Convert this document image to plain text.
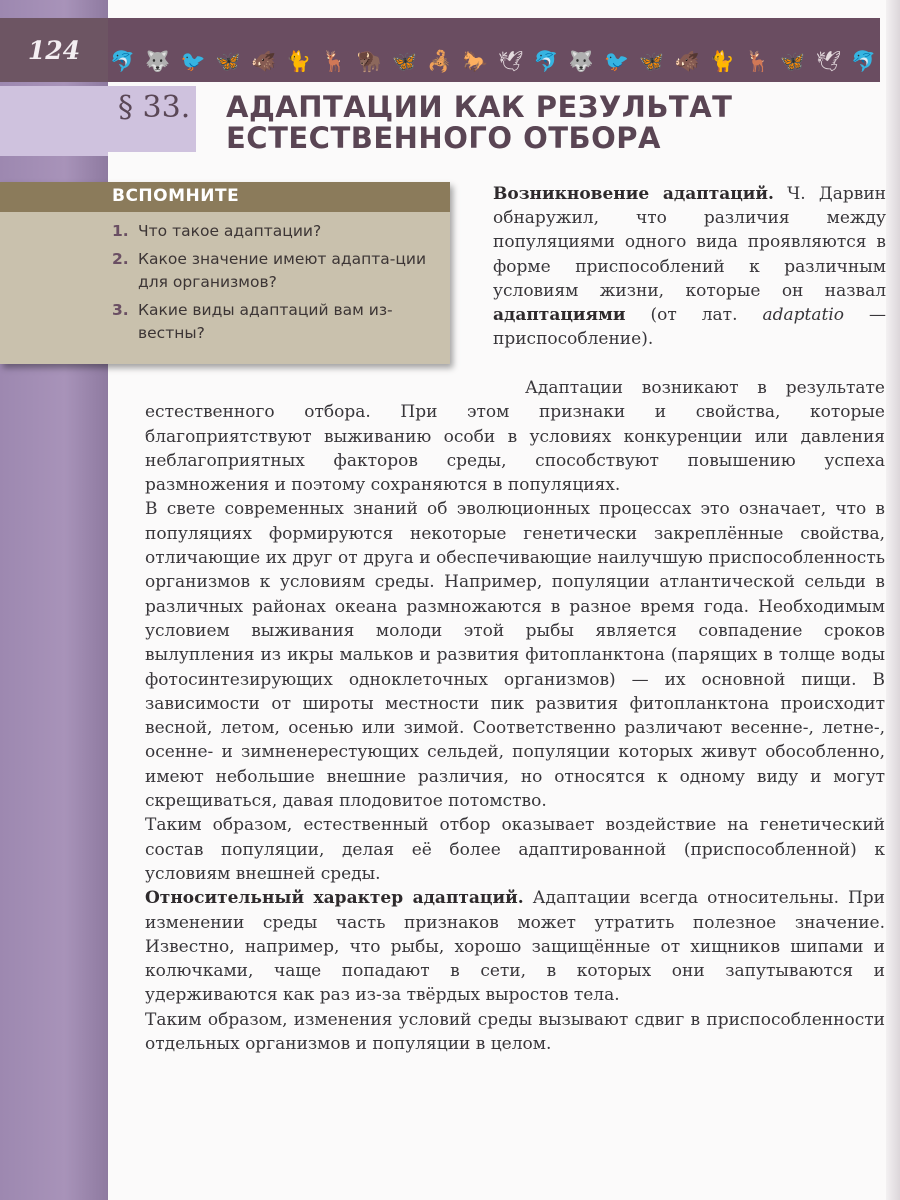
🐬 🐺 🐦 🦋 🐗 🐈 🦌 🦬 🦋 🦂 🐎 🕊 🐬 🐺 🐦 🦋 🐗 🐈 🦌 🦋 🕊 🐬
124
§ 33. АДАПТАЦИИ КАК РЕЗУЛЬТАТ
ЕСТЕСТВЕННОГО ОТБОРА
ВСПОМНИТЕ
1. Что такое адаптации?
2. Какое значение имеют адапта-ции для организмов?
3. Какие виды адаптаций вам из-вестны?

Возникновение адаптаций. Ч. Дарвин обнаружил, что различия между популяциями одного вида проявляются в форме приспособлений к различным условиям жизни, которые он назвал адаптациями (от лат. adaptatio — приспособление).

Адаптации возникают в результате естественного отбора. При этом признаки и свойства, которые благоприятствуют выживанию особи в условиях конкуренции или давления неблагоприятных факторов среды, способствуют повышению успеха размножения и поэтому сохраняются в популяциях.

В свете современных знаний об эволюционных процессах это означает, что в популяциях формируются некоторые генетически закреплённые свойства, отличающие их друг от друга и обеспечивающие наилучшую приспособленность организмов к условиям среды. Например, популяции атлантической сельди в различных районах океана размножаются в разное время года. Необходимым условием выживания молоди этой рыбы является совпадение сроков вылупления из икры мальков и развития фитопланктона (парящих в толще воды фотосинтезирующих одноклеточных организмов) — их основной пищи. В зависимости от широты местности пик развития фитопланктона происходит весной, летом, осенью или зимой. Соответственно различают весенне-, летне-, осенне- и зимненерестующих сельдей, популяции которых живут обособленно, имеют небольшие внешние различия, но относятся к одному виду и могут скрещиваться, давая плодовитое потомство.

Таким образом, естественный отбор оказывает воздействие на генетический состав популяции, делая её более адаптированной (приспособленной) к условиям внешней среды.

Относительный характер адаптаций. Адаптации всегда относительны. При изменении среды часть признаков может утратить полезное значение. Известно, например, что рыбы, хорошо защищённые от хищников шипами и колючками, чаще попадают в сети, в которых они запутываются и удерживаются как раз из-за твёрдых выростов тела.

Таким образом, изменения условий среды вызывают сдвиг в приспособленности отдельных организмов и популяции в целом.
